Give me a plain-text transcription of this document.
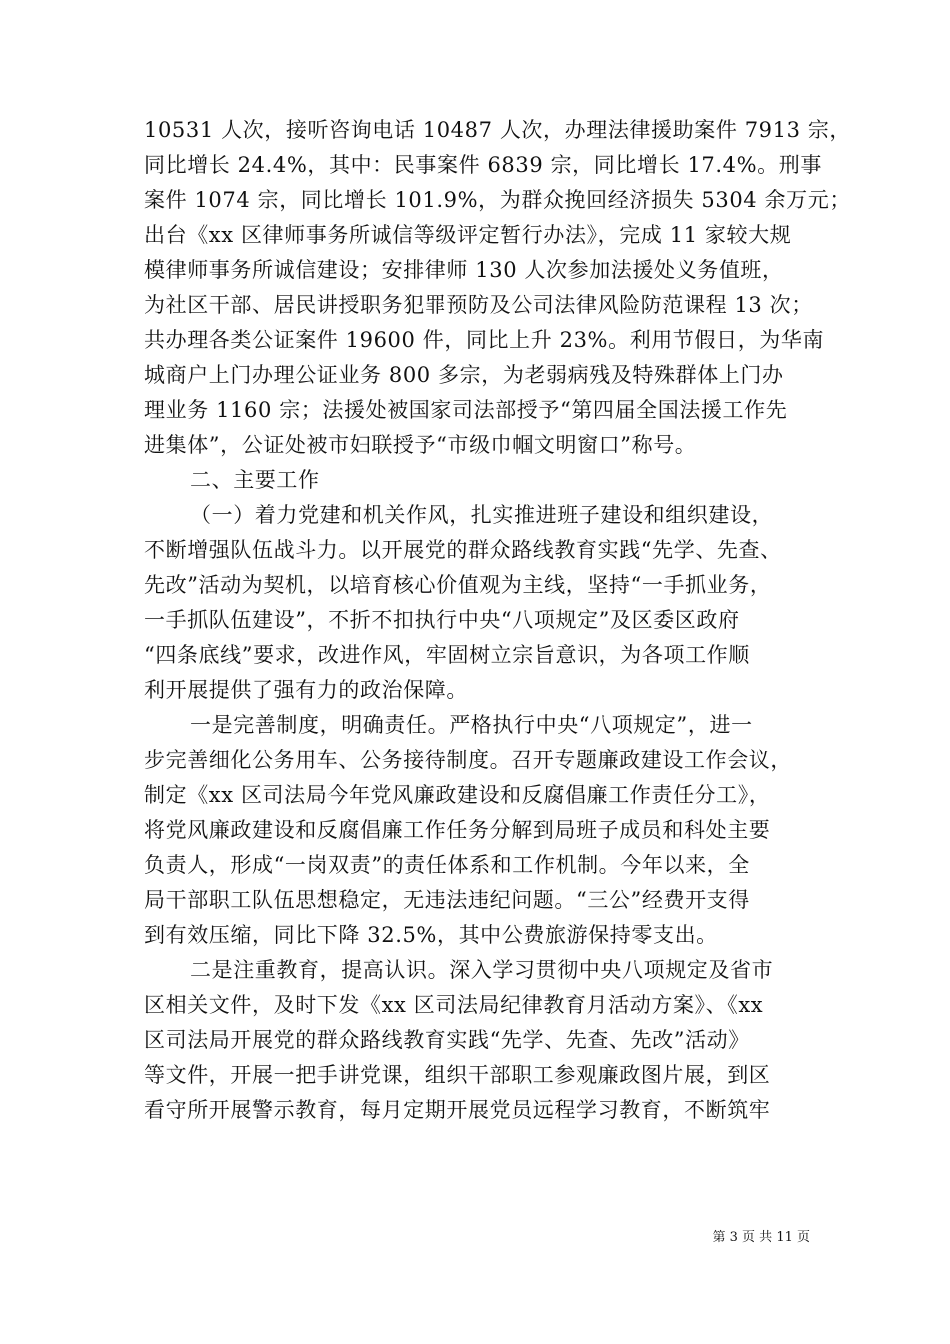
10531 人次，接听咨询电话 10487 人次，办理法律援助案件 7913 宗，
同比增长 24.4%，其中：民事案件 6839 宗，同比增长 17.4%。刑事
案件 1074 宗，同比增长 101.9%，为群众挽回经济损失 5304 余万元；
出台《xx 区律师事务所诚信等级评定暂行办法》，完成 11 家较大规
模律师事务所诚信建设；安排律师 130 人次参加法援处义务值班，
为社区干部、居民讲授职务犯罪预防及公司法律风险防范课程 13 次；
共办理各类公证案件 19600 件，同比上升 23%。利用节假日，为华南
城商户上门办理公证业务 800 多宗，为老弱病残及特殊群体上门办
理业务 1160 宗；法援处被国家司法部授予“第四届全国法援工作先
进集体”，公证处被市妇联授予“市级巾帼文明窗口”称号。
二、主要工作
（一）着力党建和机关作风，扎实推进班子建设和组织建设，
不断增强队伍战斗力。以开展党的群众路线教育实践“先学、先查、
先改”活动为契机，以培育核心价值观为主线，坚持“一手抓业务，
一手抓队伍建设”，不折不扣执行中央“八项规定”及区委区政府
“四条底线”要求，改进作风，牢固树立宗旨意识，为各项工作顺
利开展提供了强有力的政治保障。
一是完善制度，明确责任。严格执行中央“八项规定”，进一
步完善细化公务用车、公务接待制度。召开专题廉政建设工作会议，
制定《xx 区司法局今年党风廉政建设和反腐倡廉工作责任分工》，
将党风廉政建设和反腐倡廉工作任务分解到局班子成员和科处主要
负责人，形成“一岗双责”的责任体系和工作机制。今年以来，全
局干部职工队伍思想稳定，无违法违纪问题。“三公”经费开支得
到有效压缩，同比下降 32.5%，其中公费旅游保持零支出。
二是注重教育，提高认识。深入学习贯彻中央八项规定及省市
区相关文件，及时下发《xx 区司法局纪律教育月活动方案》、《xx
区司法局开展党的群众路线教育实践“先学、先查、先改”活动》
等文件，开展一把手讲党课，组织干部职工参观廉政图片展，到区
看守所开展警示教育，每月定期开展党员远程学习教育，不断筑牢
第 3 页 共 11 页
